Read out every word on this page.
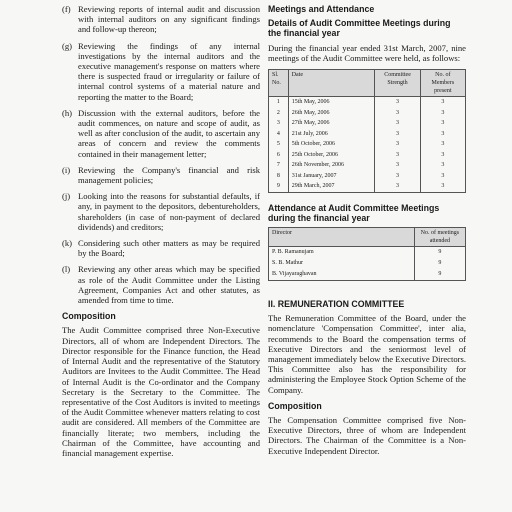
(f) Reviewing reports of internal audit and discussion with internal auditors on any significant findings and follow-up thereon;
(g) Reviewing the findings of any internal investigations by the internal auditors and the executive management's response on matters where there is suspected fraud or irregularity or failure of internal control systems of a material nature and reporting the matter to the Board;
(h) Discussion with the external auditors, before the audit commences, on nature and scope of audit, as well as after conclusion of the audit, to ascertain any areas of concern and review the comments contained in their management letter;
(i) Reviewing the Company's financial and risk management policies;
(j) Looking into the reasons for substantial defaults, if any, in payment to the depositors, debentureholders, shareholders (in case of non-payment of declared dividends) and creditors;
(k) Considering such other matters as may be required by the Board;
(l) Reviewing any other areas which may be specified as role of the Audit Committee under the Listing Agreement, Companies Act and other statutes, as amended from time to time.
Composition
The Audit Committee comprised three Non-Executive Directors, all of whom are Independent Directors. The Director responsible for the Finance function, the Head of Internal Audit and the representative of the Statutory Auditors are Invitees to the Audit Committee. The Head of Internal Audit is the Co-ordinator and the Company Secretary is the Secretary to the Committee. The representative of the Cost Auditors is invited to meetings of the Audit Committee whenever matters relating to cost audit are considered. All members of the Committee are financially literate; two members, including the Chairman of the Committee, have accounting and financial management expertise.
Meetings and Attendance
Details of Audit Committee Meetings during the financial year
During the financial year ended 31st March, 2007, nine meetings of the Audit Committee were held, as follows:
Sl. No.	Date	Committee Strength	No. of Members present
1	15th May, 2006	3	3
2	26th May, 2006	3	3
3	27th May, 2006	3	3
4	21st July, 2006	3	3
5	5th October, 2006	3	3
6	25th October, 2006	3	3
7	26th November, 2006	3	3
8	31st January, 2007	3	3
9	29th March, 2007	3	3
Attendance at Audit Committee Meetings during the financial year
Director	No. of meetings attended
P. B. Ramanujam	9
S. B. Mathur	9
B. Vijayaraghavan	9
II. REMUNERATION COMMITTEE
The Remuneration Committee of the Board, under the nomenclature 'Compensation Committee', inter alia, recommends to the Board the compensation terms of Executive Directors and the seniormost level of management immediately below the Executive Directors. This Committee also has the responsibility for administering the Employee Stock Option Scheme of the Company.
Composition
The Compensation Committee comprised five Non-Executive Directors, three of whom are Independent Directors. The Chairman of the Committee is a Non-Executive Independent Director.
